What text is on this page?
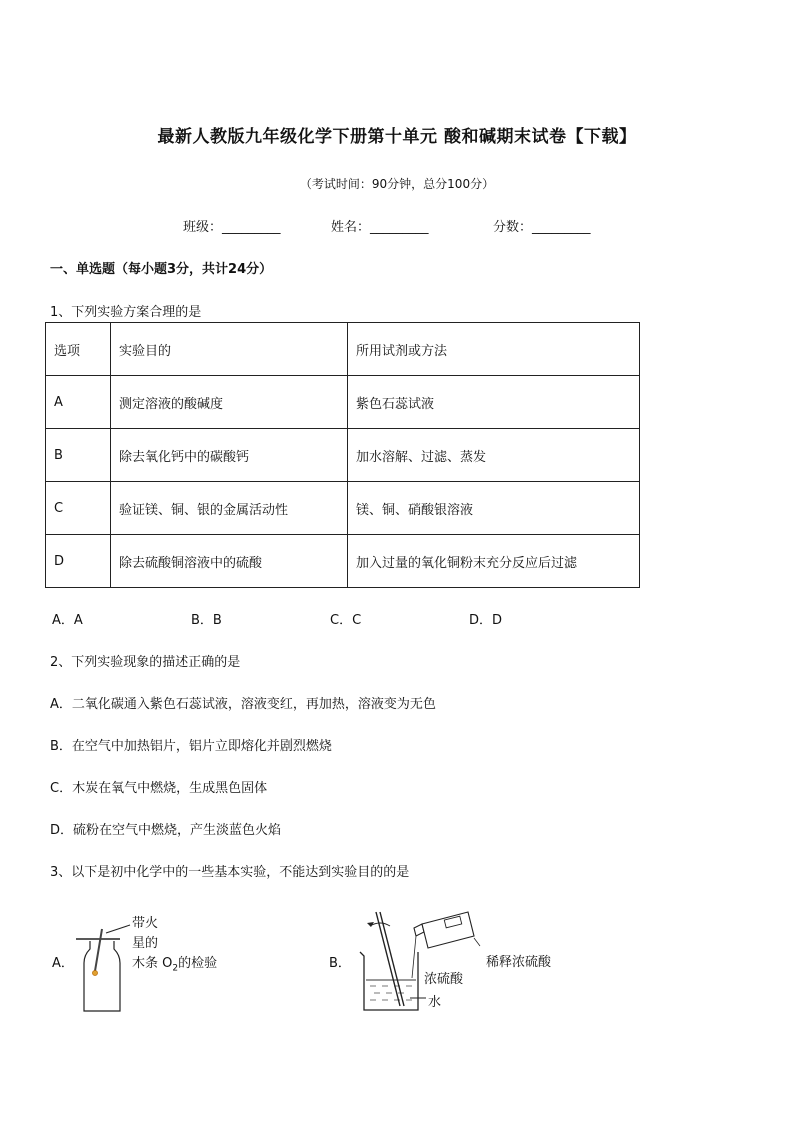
最新人教版九年级化学下册第十单元 酸和碱期末试卷【下载】
（考试时间：90分钟，总分100分）
班级：_________	姓名：_________	分数：_________
一、单选题（每小题3分，共计24分）
1、下列实验方案合理的是
选项	实验目的	所用试剂或方法
A	测定溶液的酸碱度	紫色石蕊试液
B	除去氧化钙中的碳酸钙	加水溶解、过滤、蒸发
C	验证镁、铜、银的金属活动性	镁、铜、硝酸银溶液
D	除去硫酸铜溶液中的硫酸	加入过量的氧化铜粉末充分反应后过滤
A．A	B．B	C．C	D．D
2、下列实验现象的描述正确的是
A．二氧化碳通入紫色石蕊试液，溶液变红，再加热，溶液变为无色
B．在空气中加热铝片，铝片立即熔化并剧烈燃烧
C．木炭在氧气中燃烧，生成黑色固体
D．硫粉在空气中燃烧，产生淡蓝色火焰
3、以下是初中化学中的一些基本实验，不能达到实验目的的是
A．
带火
星的
木条 $O_2$的检验	B．	稀释浓硫酸
浓硫酸
水
